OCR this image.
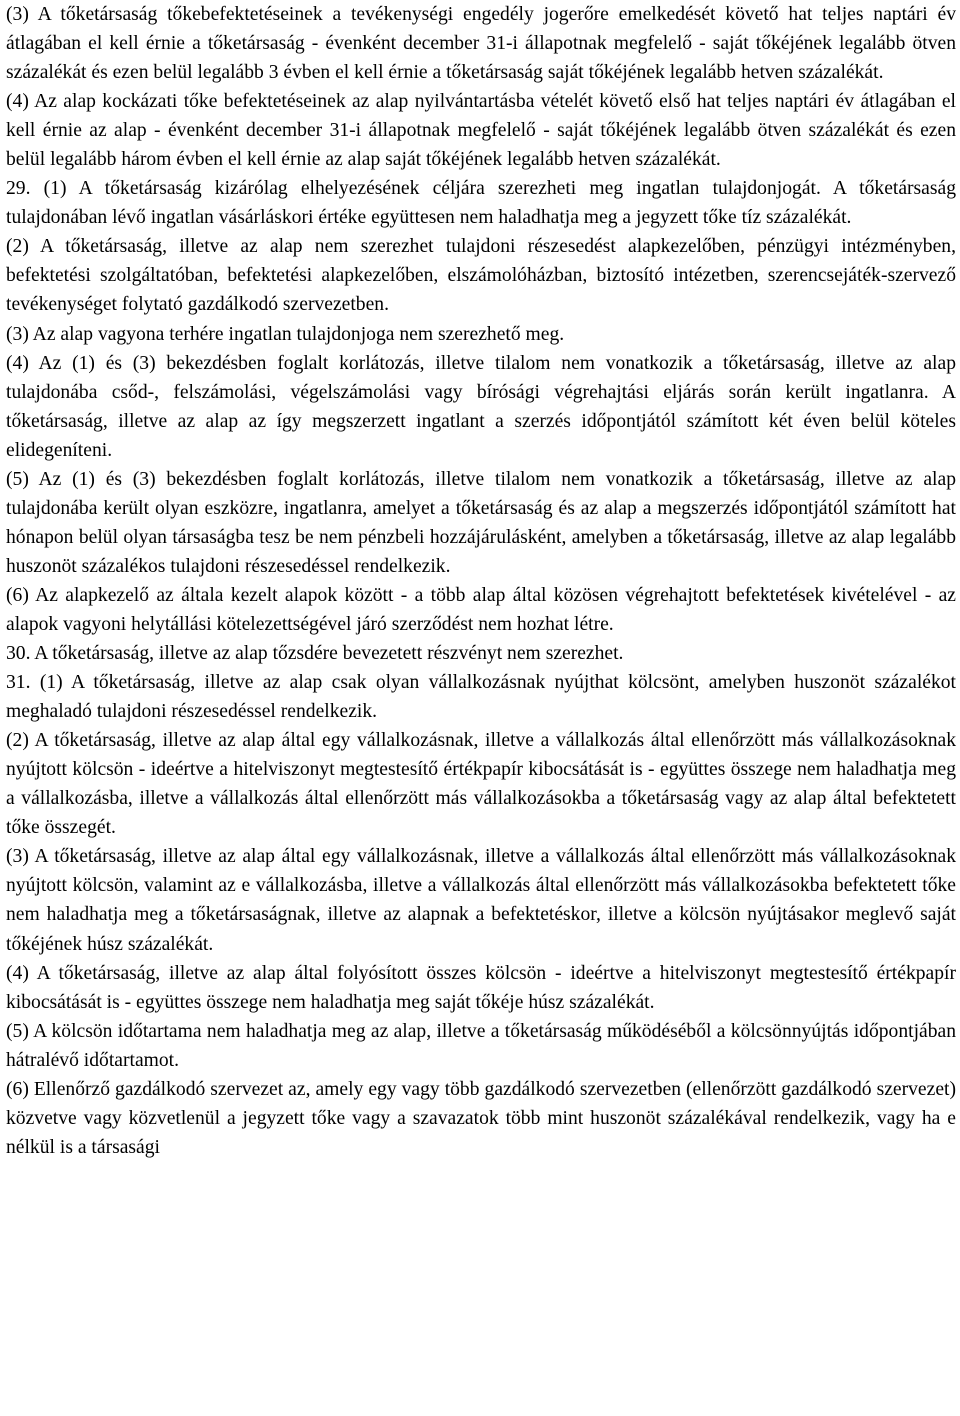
(3) A tőketársaság tőkebefektetéseinek a tevékenységi engedély jogerőre emelkedését követő hat teljes naptári év átlagában el kell érnie a tőketársaság - évenként december 31-i állapotnak megfelelő - saját tőkéjének legalább ötven százalékát és ezen belül legalább 3 évben el kell érnie a tőketársaság saját tőkéjének legalább hetven százalékát.

(4) Az alap kockázati tőke befektetéseinek az alap nyilvántartásba vételét követő első hat teljes naptári év átlagában el kell érnie az alap - évenként december 31-i állapotnak megfelelő - saját tőkéjének legalább ötven százalékát és ezen belül legalább három évben el kell érnie az alap saját tőkéjének legalább hetven százalékát.

29. (1) A tőketársaság kizárólag elhelyezésének céljára szerezheti meg ingatlan tulajdonjogát. A tőketársaság tulajdonában lévő ingatlan vásárláskori értéke együttesen nem haladhatja meg a jegyzett tőke tíz százalékát.

(2) A tőketársaság, illetve az alap nem szerezhet tulajdoni részesedést alapkezelőben, pénzügyi intézményben, befektetési szolgáltatóban, befektetési alapkezelőben, elszámolóházban, biztosító intézetben, szerencsejáték-szervező tevékenységet folytató gazdálkodó szervezetben.

(3) Az alap vagyona terhére ingatlan tulajdonjoga nem szerezhető meg.

(4) Az (1) és (3) bekezdésben foglalt korlátozás, illetve tilalom nem vonatkozik a tőketársaság, illetve az alap tulajdonába csőd-, felszámolási, végelszámolási vagy bírósági végrehajtási eljárás során került ingatlanra. A tőketársaság, illetve az alap az így megszerzett ingatlant a szerzés időpontjától számított két éven belül köteles elidegeníteni.

(5) Az (1) és (3) bekezdésben foglalt korlátozás, illetve tilalom nem vonatkozik a tőketársaság, illetve az alap tulajdonába került olyan eszközre, ingatlanra, amelyet a tőketársaság és az alap a megszerzés időpontjától számított hat hónapon belül olyan társaságba tesz be nem pénzbeli hozzájárulásként, amelyben a tőketársaság, illetve az alap legalább huszonöt százalékos tulajdoni részesedéssel rendelkezik.

(6) Az alapkezelő az általa kezelt alapok között - a több alap által közösen végrehajtott befektetések kivételével - az alapok vagyoni helytállási kötelezettségével járó szerződést nem hozhat létre.

30. A tőketársaság, illetve az alap tőzsdére bevezetett részvényt nem szerezhet.

31. (1) A tőketársaság, illetve az alap csak olyan vállalkozásnak nyújthat kölcsönt, amelyben huszonöt százalékot meghaladó tulajdoni részesedéssel rendelkezik.

(2) A tőketársaság, illetve az alap által egy vállalkozásnak, illetve a vállalkozás által ellenőrzött más vállalkozásoknak nyújtott kölcsön - ideértve a hitelviszonyt megtestesítő értékpapír kibocsátását is - együttes összege nem haladhatja meg a vállalkozásba, illetve a vállalkozás által ellenőrzött más vállalkozásokba a tőketársaság vagy az alap által befektetett tőke összegét.

(3) A tőketársaság, illetve az alap által egy vállalkozásnak, illetve a vállalkozás által ellenőrzött más vállalkozásoknak nyújtott kölcsön, valamint az e vállalkozásba, illetve a vállalkozás által ellenőrzött más vállalkozásokba befektetett tőke nem haladhatja meg a tőketársaságnak, illetve az alapnak a befektetéskor, illetve a kölcsön nyújtásakor meglevő saját tőkéjének húsz százalékát.

(4) A tőketársaság, illetve az alap által folyósított összes kölcsön - ideértve a hitelviszonyt megtestesítő értékpapír kibocsátását is - együttes összege nem haladhatja meg saját tőkéje húsz százalékát.

(5) A kölcsön időtartama nem haladhatja meg az alap, illetve a tőketársaság működéséből a kölcsönnyújtás időpontjában hátralévő időtartamot.

(6) Ellenőrző gazdálkodó szervezet az, amely egy vagy több gazdálkodó szervezetben (ellenőrzött gazdálkodó szervezet) közvetve vagy közvetlenül a jegyzett tőke vagy a szavazatok több mint huszonöt százalékával rendelkezik, vagy ha e nélkül is a társasági
